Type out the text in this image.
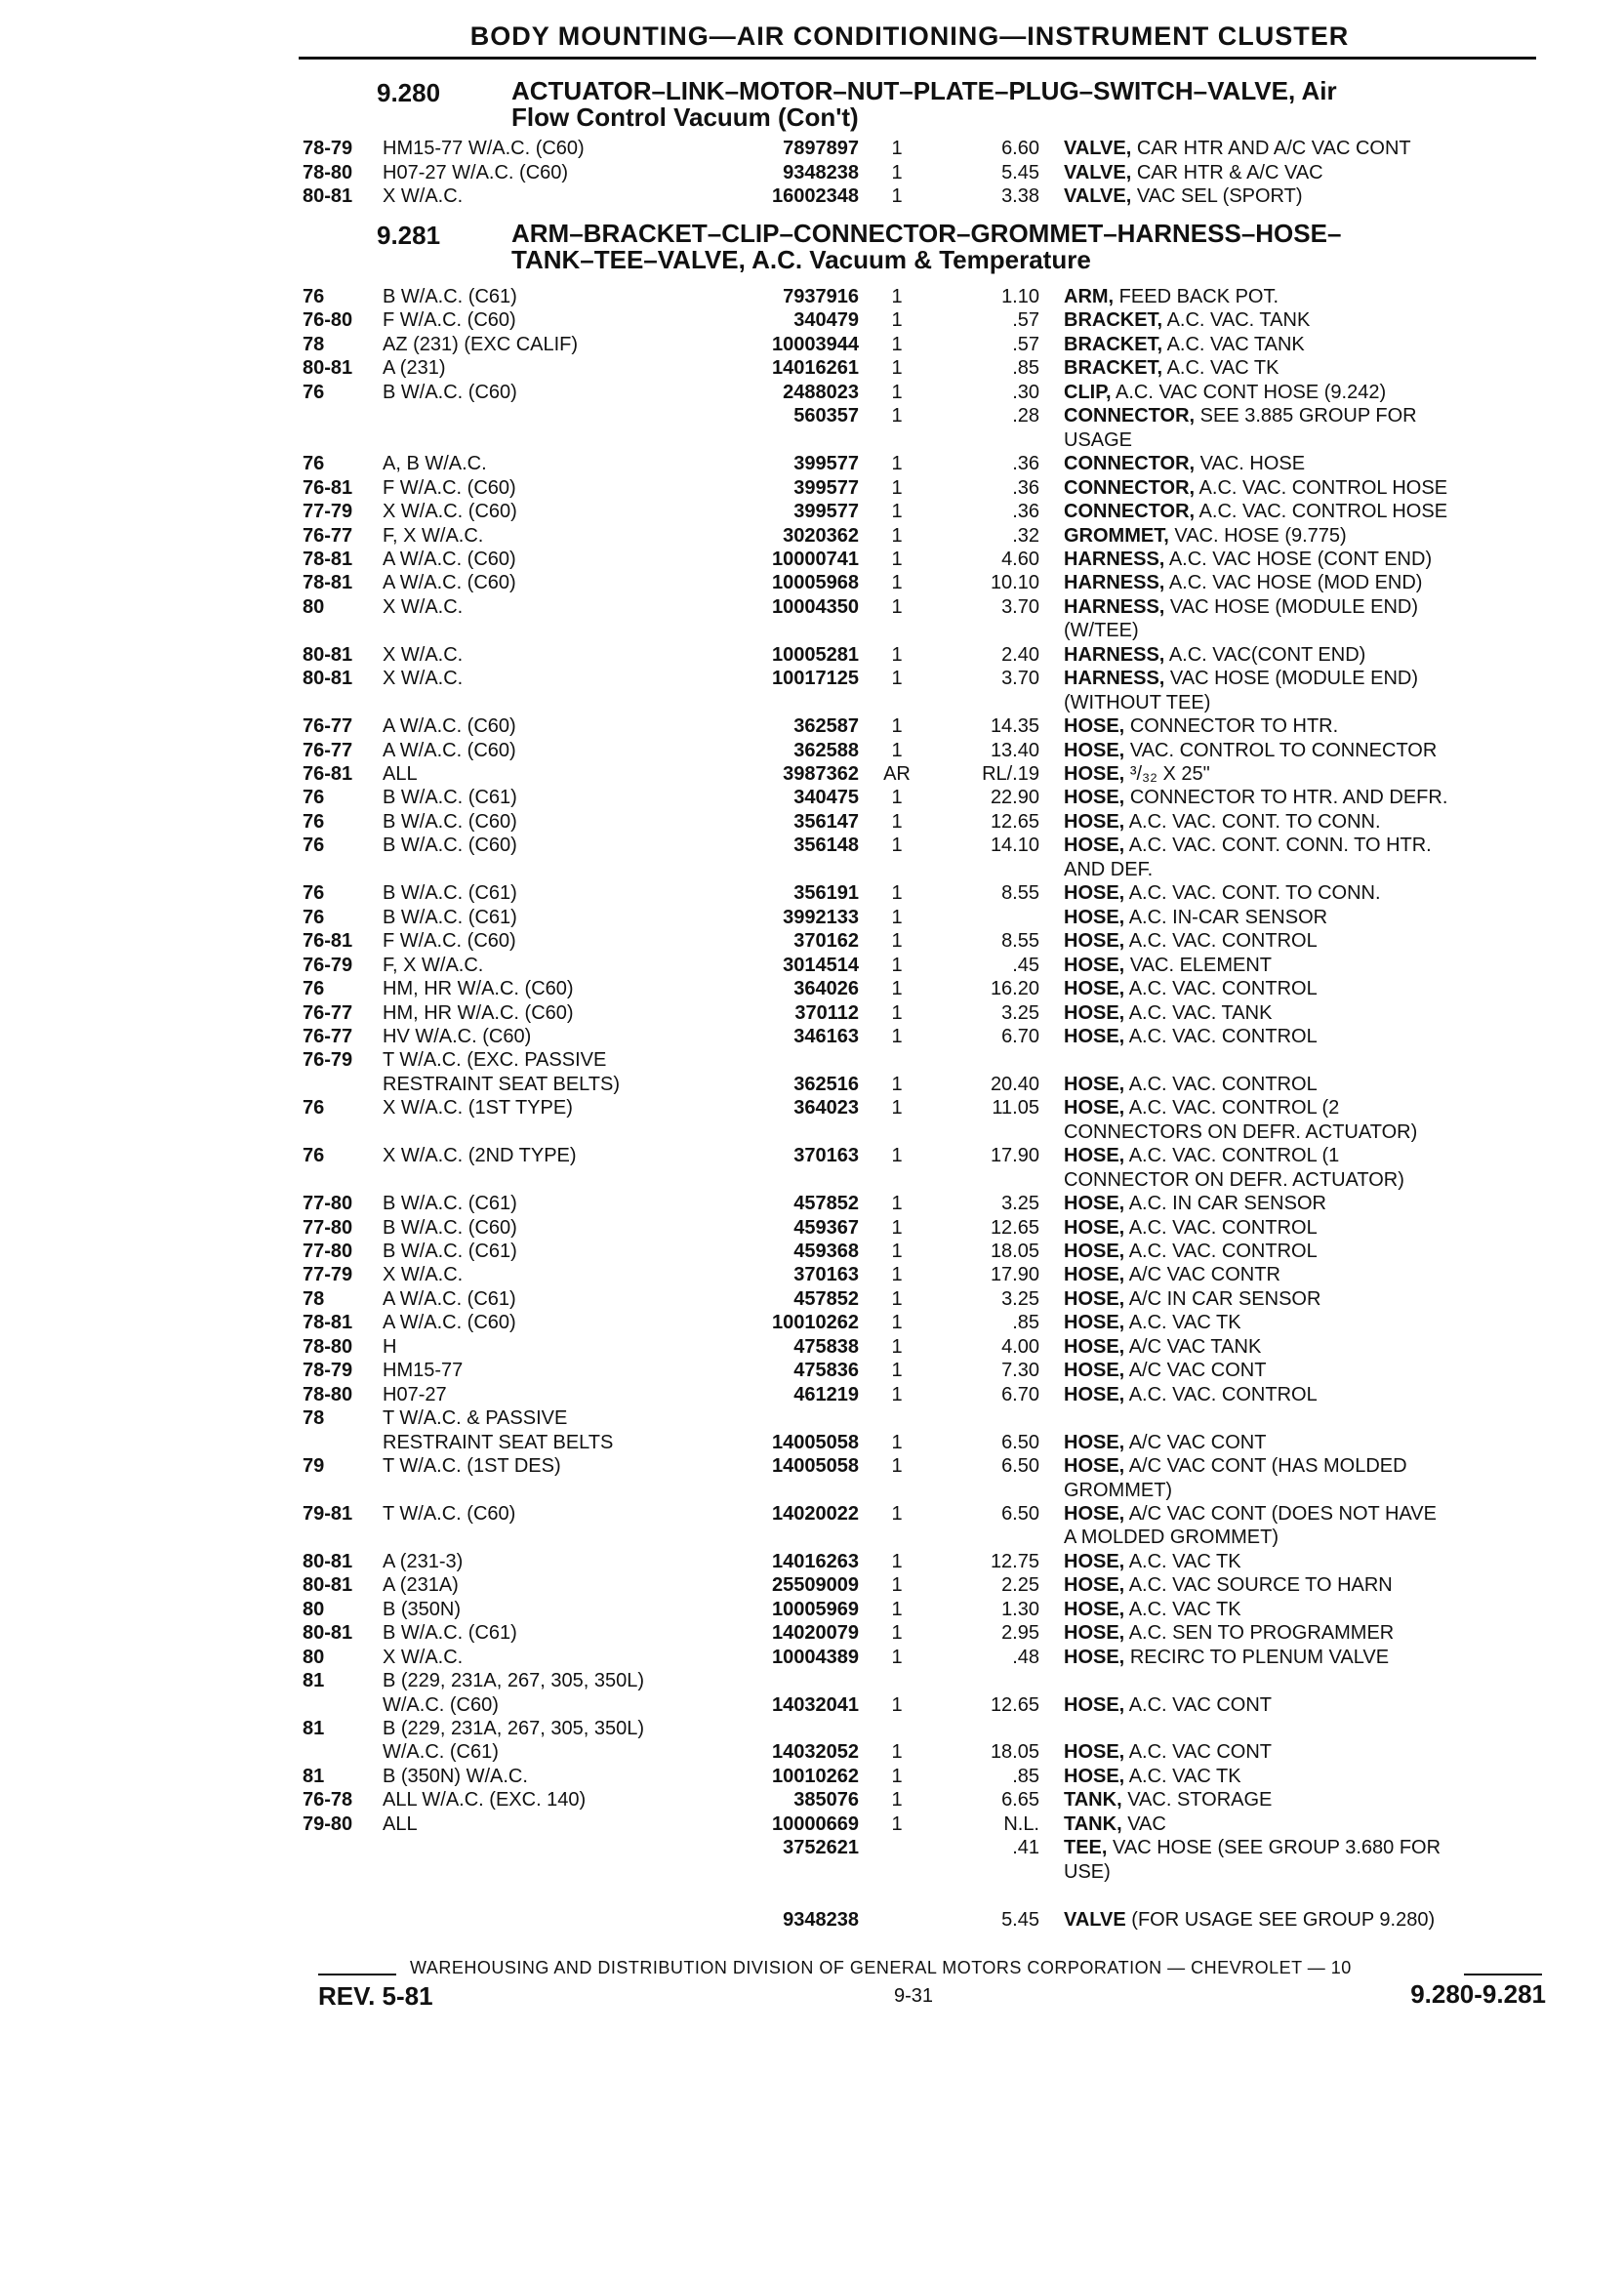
BODY MOUNTING—AIR CONDITIONING—INSTRUMENT CLUSTER
9.280	ACTUATOR–LINK–MOTOR–NUT–PLATE–PLUG–SWITCH–VALVE, Air
Flow Control Vacuum (Con't)
9.281	ARM–BRACKET–CLIP–CONNECTOR–GROMMET–HARNESS–HOSE–
TANK–TEE–VALVE, A.C. Vacuum & Temperature
78-79	HM15-77 W/A.C. (C60)	7897897	1	6.60 VALVE, CAR HTR AND A/C VAC CONT
78-80	H07-27 W/A.C. (C60)	9348238	1	5.45 VALVE, CAR HTR & A/C VAC
80-81	X W/A.C.	16002348	1	3.38 VALVE, VAC SEL (SPORT)
76	B W/A.C. (C61)	7937916	1	1.10 ARM, FEED BACK POT.
76-80	F W/A.C. (C60)	340479	1	.57 BRACKET, A.C. VAC. TANK
78	AZ (231) (EXC CALIF)	10003944	1	.57 BRACKET, A.C. VAC TANK
80-81	A (231)	14016261	1	.85 BRACKET, A.C. VAC TK
76	B W/A.C. (C60)	2488023	1	.30 CLIP, A.C. VAC CONT HOSE (9.242)
560357	1	.28 CONNECTOR, SEE 3.885 GROUP FOR
USAGE
76	A, B W/A.C.	399577	1	.36 CONNECTOR, VAC. HOSE
76-81	F W/A.C. (C60)	399577	1	.36 CONNECTOR, A.C. VAC. CONTROL HOSE
77-79	X W/A.C. (C60)	399577	1	.36 CONNECTOR, A.C. VAC. CONTROL HOSE
76-77	F, X W/A.C.	3020362	1	.32 GROMMET, VAC. HOSE (9.775)
78-81	A W/A.C. (C60)	10000741	1	4.60 HARNESS, A.C. VAC HOSE (CONT END)
78-81	A W/A.C. (C60)	10005968	1	10.10 HARNESS, A.C. VAC HOSE (MOD END)
80	X W/A.C.	10004350	1	3.70 HARNESS, VAC HOSE (MODULE END)
(W/TEE)
80-81	X W/A.C.	10005281	1	2.40 HARNESS, A.C. VAC(CONT END)
80-81	X W/A.C.	10017125	1	3.70 HARNESS, VAC HOSE (MODULE END)
(WITHOUT TEE)
76-77	A W/A.C. (C60)	362587	1	14.35 HOSE, CONNECTOR TO HTR.
76-77	A W/A.C. (C60)	362588	1	13.40 HOSE, VAC. CONTROL TO CONNECTOR
76-81	ALL	3987362	AR	RL/.19 HOSE, ³/₃₂ X 25"
76	B W/A.C. (C61)	340475	1	22.90 HOSE, CONNECTOR TO HTR. AND DEFR.
76	B W/A.C. (C60)	356147	1	12.65 HOSE, A.C. VAC. CONT. TO CONN.
76	B W/A.C. (C60)	356148	1	14.10 HOSE, A.C. VAC. CONT. CONN. TO HTR.
AND DEF.
76	B W/A.C. (C61)	356191	1	8.55 HOSE, A.C. VAC. CONT. TO CONN.
76	B W/A.C. (C61)	3992133	1	HOSE, A.C. IN-CAR SENSOR
76-81	F W/A.C. (C60)	370162	1	8.55 HOSE, A.C. VAC. CONTROL
76-79	F, X W/A.C.	3014514	1	.45 HOSE, VAC. ELEMENT
76	HM, HR W/A.C. (C60)	364026	1	16.20 HOSE, A.C. VAC. CONTROL
76-77	HM, HR W/A.C. (C60)	370112	1	3.25 HOSE, A.C. VAC. TANK
76-77	HV W/A.C. (C60)	346163	1	6.70 HOSE, A.C. VAC. CONTROL
76-79	T W/A.C. (EXC. PASSIVE
RESTRAINT SEAT BELTS)	362516	1	20.40 HOSE, A.C. VAC. CONTROL
76	X W/A.C. (1ST TYPE)	364023	1	11.05 HOSE, A.C. VAC. CONTROL (2
CONNECTORS ON DEFR. ACTUATOR)
76	X W/A.C. (2ND TYPE)	370163	1	17.90 HOSE, A.C. VAC. CONTROL (1
CONNECTOR ON DEFR. ACTUATOR)
77-80	B W/A.C. (C61)	457852	1	3.25 HOSE, A.C. IN CAR SENSOR
77-80	B W/A.C. (C60)	459367	1	12.65 HOSE, A.C. VAC. CONTROL
77-80	B W/A.C. (C61)	459368	1	18.05 HOSE, A.C. VAC. CONTROL
77-79	X W/A.C.	370163	1	17.90 HOSE, A/C VAC CONTR
78	A W/A.C. (C61)	457852	1	3.25 HOSE, A/C IN CAR SENSOR
78-81	A W/A.C. (C60)	10010262	1	.85 HOSE, A.C. VAC TK
78-80	H	475838	1	4.00 HOSE, A/C VAC TANK
78-79	HM15-77	475836	1	7.30 HOSE, A/C VAC CONT
78-80	H07-27	461219	1	6.70 HOSE, A.C. VAC. CONTROL
78	T W/A.C. & PASSIVE
RESTRAINT SEAT BELTS	14005058	1	6.50 HOSE, A/C VAC CONT
79	T W/A.C. (1ST DES)	14005058	1	6.50 HOSE, A/C VAC CONT (HAS MOLDED
GROMMET)
79-81	T W/A.C. (C60)	14020022	1	6.50 HOSE, A/C VAC CONT (DOES NOT HAVE
A MOLDED GROMMET)
80-81	A (231-3)	14016263	1	12.75 HOSE, A.C. VAC TK
80-81	A (231A)	25509009	1	2.25 HOSE, A.C. VAC SOURCE TO HARN
80	B (350N)	10005969	1	1.30 HOSE, A.C. VAC TK
80-81	B W/A.C. (C61)	14020079	1	2.95 HOSE, A.C. SEN TO PROGRAMMER
80	X W/A.C.	10004389	1	.48 HOSE, RECIRC TO PLENUM VALVE
81	B (229, 231A, 267, 305, 350L)
W/A.C. (C60)	14032041	1	12.65 HOSE, A.C. VAC CONT
81	B (229, 231A, 267, 305, 350L)
W/A.C. (C61)	14032052	1	18.05 HOSE, A.C. VAC CONT
81	B (350N) W/A.C.	10010262	1	.85 HOSE, A.C. VAC TK
76-78	ALL W/A.C. (EXC. 140)	385076	1	6.65 TANK, VAC. STORAGE
79-80	ALL	10000669	1	N.L. TANK, VAC
3752621	.41 TEE, VAC HOSE (SEE GROUP 3.680 FOR
USE)
9348238	5.45 VALVE (FOR USAGE SEE GROUP 9.280)
WAREHOUSING AND DISTRIBUTION DIVISION OF GENERAL MOTORS CORPORATION — CHEVROLET — 10
REV. 5-81	9-31	9.280-9.281
